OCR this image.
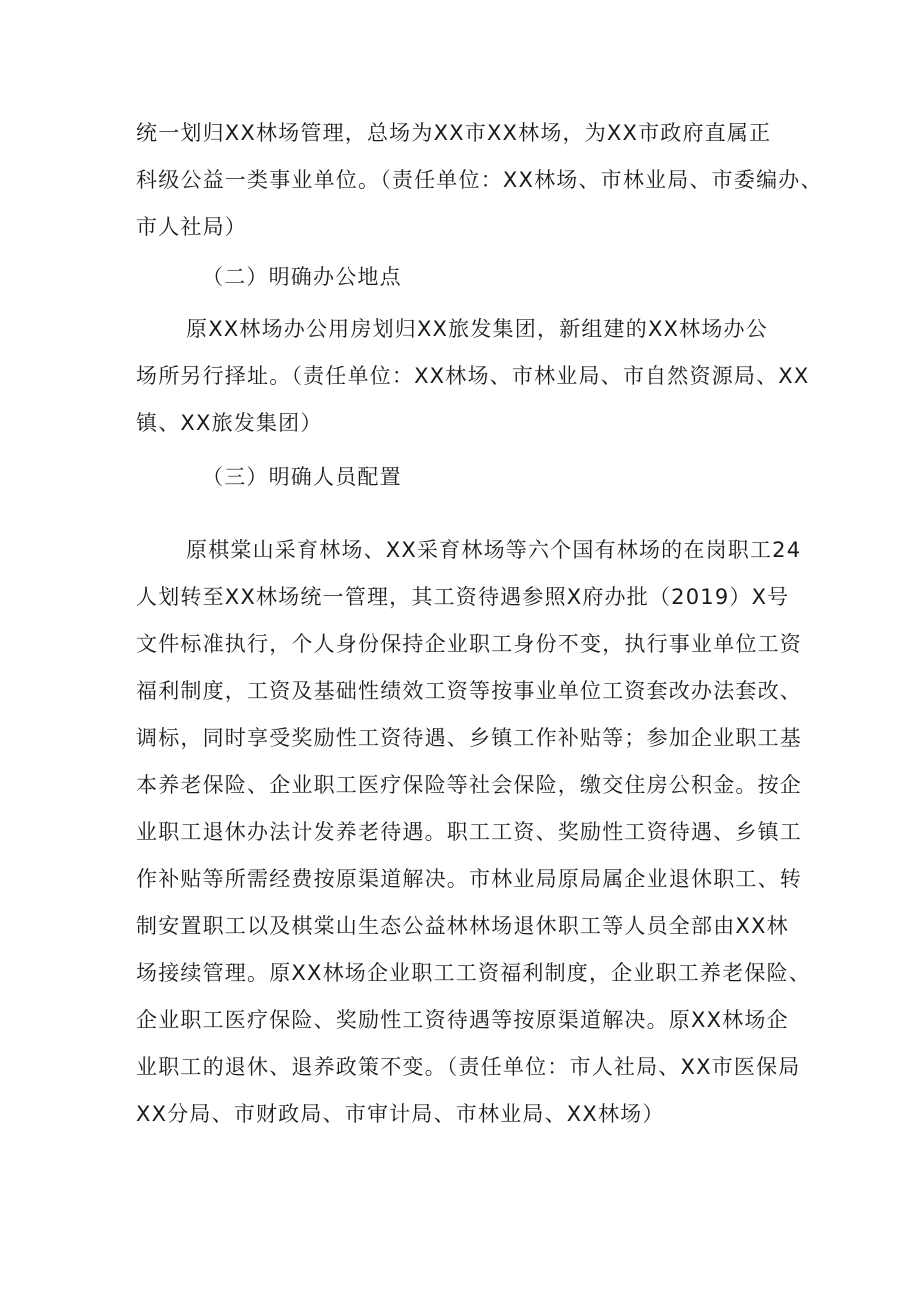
统一划归XX林场管理，总场为XX市XX林场，为XX市政府直属正
科级公益一类事业单位。（责任单位：XX林场、市林业局、市委编办、
市人社局）
（二）明确办公地点
原XX林场办公用房划归XX旅发集团，新组建的XX林场办公
场所另行择址。（责任单位：XX林场、市林业局、市自然资源局、XX
镇、XX旅发集团）
（三）明确人员配置
原棋棠山采育林场、XX采育林场等六个国有林场的在岗职工24
人划转至XX林场统一管理，其工资待遇参照X府办批（2019）X号
文件标准执行，个人身份保持企业职工身份不变，执行事业单位工资
福利制度，工资及基础性绩效工资等按事业单位工资套改办法套改、
调标，同时享受奖励性工资待遇、乡镇工作补贴等；参加企业职工基
本养老保险、企业职工医疗保险等社会保险，缴交住房公积金。按企
业职工退休办法计发养老待遇。职工工资、奖励性工资待遇、乡镇工
作补贴等所需经费按原渠道解决。市林业局原局属企业退休职工、转
制安置职工以及棋棠山生态公益林林场退休职工等人员全部由XX林
场接续管理。原XX林场企业职工工资福利制度，企业职工养老保险、
企业职工医疗保险、奖励性工资待遇等按原渠道解决。原XX林场企
业职工的退休、退养政策不变。（责任单位：市人社局、XX市医保局
XX分局、市财政局、市审计局、市林业局、XX林场）
